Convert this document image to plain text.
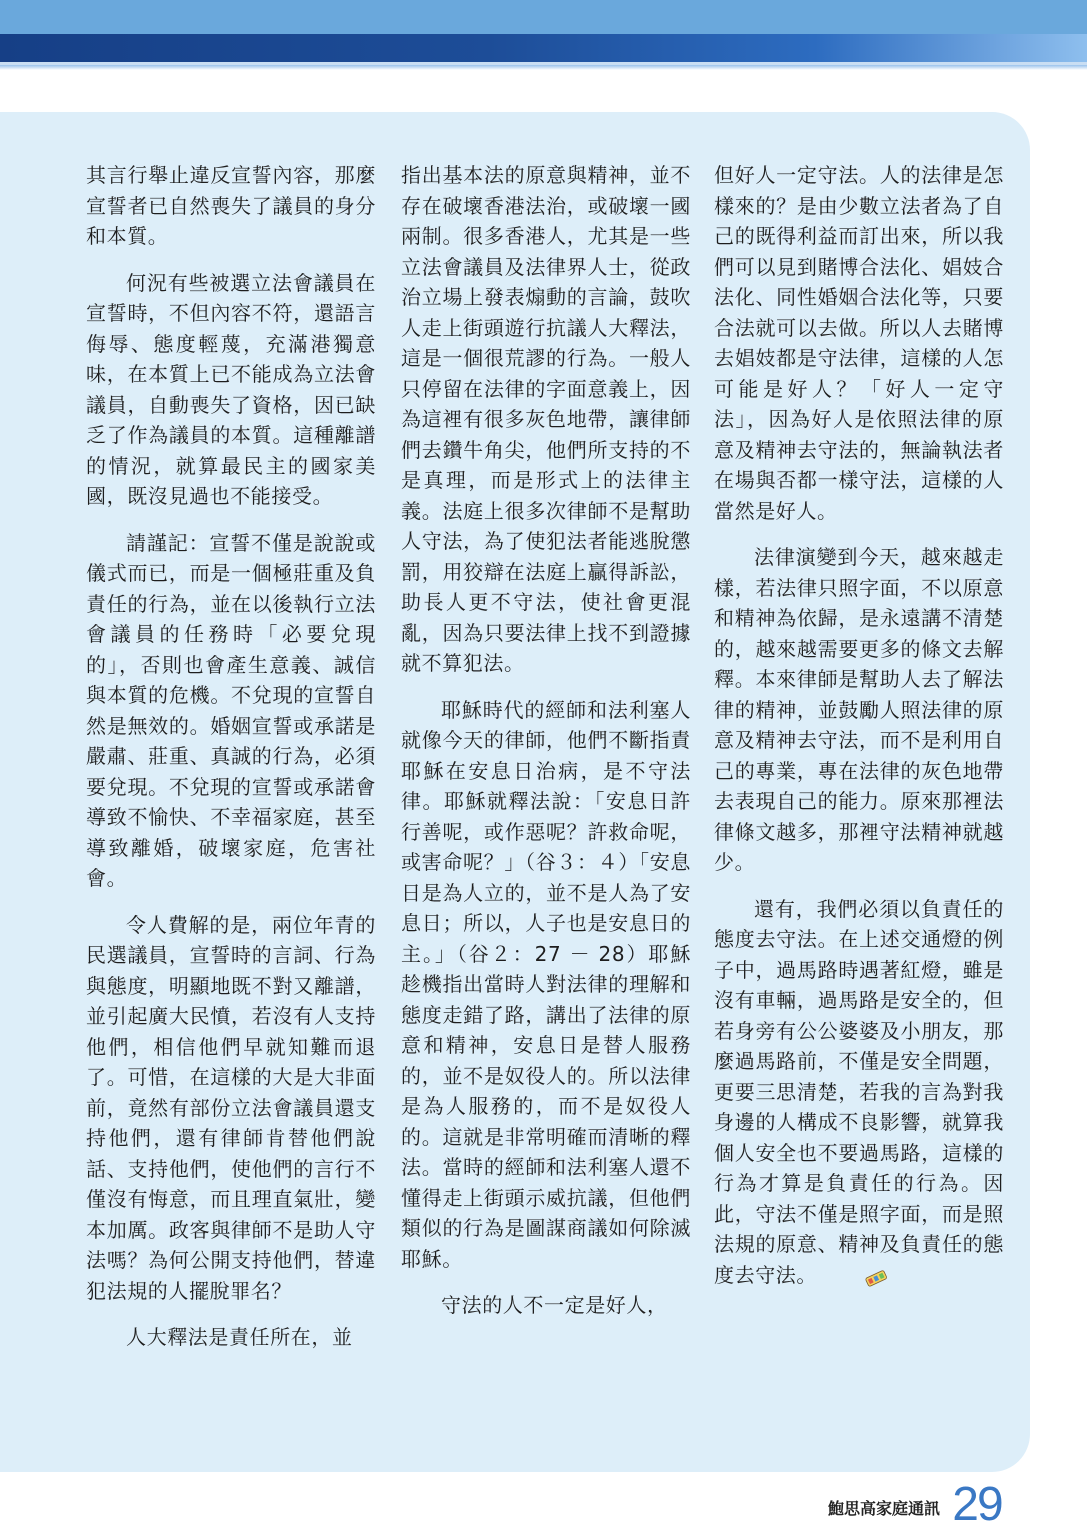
其言行舉止違反宣誓內容，那麼宣誓者已自然喪失了議員的身分和本質。

何況有些被選立法會議員在宣誓時，不但內容不符，還語言侮辱、態度輕蔑，充滿港獨意味，在本質上已不能成為立法會議員，自動喪失了資格，因已缺乏了作為議員的本質。這種離譜的情況，就算最民主的國家美國，既沒見過也不能接受。

請謹記：宣誓不僅是說說或儀式而已，而是一個極莊重及負責任的行為，並在以後執行立法會議員的任務時「必要兌現的」，否則也會產生意義、誠信與本質的危機。不兌現的宣誓自然是無效的。婚姻宣誓或承諾是嚴肅、莊重、真誠的行為，必須要兌現。不兌現的宣誓或承諾會導致不愉快、不幸福家庭，甚至導致離婚，破壞家庭，危害社會。

令人費解的是，兩位年青的民選議員，宣誓時的言詞、行為與態度，明顯地既不對又離譜，並引起廣大民憤，若沒有人支持他們，相信他們早就知難而退了。可惜，在這樣的大是大非面前，竟然有部份立法會議員還支持他們，還有律師肯替他們說話、支持他們，使他們的言行不僅沒有悔意，而且理直氣壯，變本加厲。政客與律師不是助人守法嗎？為何公開支持他們，替違犯法規的人擺脫罪名？

人大釋法是責任所在，並

指出基本法的原意與精神，並不存在破壞香港法治，或破壞一國兩制。很多香港人，尤其是一些立法會議員及法律界人士，從政治立場上發表煽動的言論，鼓吹人走上街頭遊行抗議人大釋法，這是一個很荒謬的行為。一般人只停留在法律的字面意義上，因為這裡有很多灰色地帶，讓律師們去鑽牛角尖，他們所支持的不是真理，而是形式上的法律主義。法庭上很多次律師不是幫助人守法，為了使犯法者能逃脫懲罰，用狡辯在法庭上贏得訴訟，助長人更不守法，使社會更混亂，因為只要法律上找不到證據就不算犯法。

耶穌時代的經師和法利塞人就像今天的律師，他們不斷指責耶穌在安息日治病，是不守法律。耶穌就釋法說：「安息日許行善呢，或作惡呢？許救命呢，或害命呢？」（谷３：４）「安息日是為人立的，並不是人為了安息日；所以，人子也是安息日的主。」（谷２：27 － 28）耶穌趁機指出當時人對法律的理解和態度走錯了路，講出了法律的原意和精神，安息日是替人服務的，並不是奴役人的。所以法律是為人服務的，而不是奴役人的。這就是非常明確而清晰的釋法。當時的經師和法利塞人還不懂得走上街頭示威抗議，但他們類似的行為是圖謀商議如何除滅耶穌。

守法的人不一定是好人，

但好人一定守法。人的法律是怎樣來的？是由少數立法者為了自己的既得利益而訂出來，所以我們可以見到賭博合法化、娼妓合法化、同性婚姻合法化等，只要合法就可以去做。所以人去賭博去娼妓都是守法律，這樣的人怎可能是好人？「好人一定守法」，因為好人是依照法律的原意及精神去守法的，無論執法者在場與否都一樣守法，這樣的人當然是好人。

法律演變到今天，越來越走樣，若法律只照字面，不以原意和精神為依歸，是永遠講不清楚的，越來越需要更多的條文去解釋。本來律師是幫助人去了解法律的精神，並鼓勵人照法律的原意及精神去守法，而不是利用自己的專業，專在法律的灰色地帶去表現自己的能力。原來那裡法律條文越多，那裡守法精神就越少。

還有，我們必須以負責任的態度去守法。在上述交通燈的例子中，過馬路時遇著紅燈，雖是沒有車輛，過馬路是安全的，但若身旁有公公婆婆及小朋友，那麼過馬路前，不僅是安全問題，更要三思清楚，若我的言為對我身邊的人構成不良影響，就算我個人安全也不要過馬路，這樣的行為才算是負責任的行為。因此，守法不僅是照字面，而是照法規的原意、精神及負責任的態度去守法。

鮑思高家庭通訊 29
